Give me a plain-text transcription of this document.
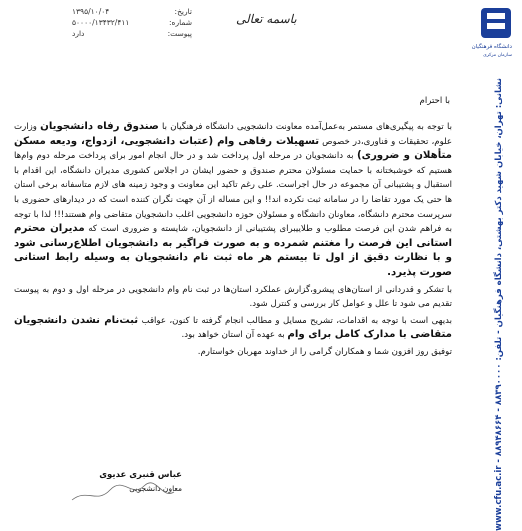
تاریخ:
۱۳۹۵/۱۰/۰۴
شماره:
۵۰۰۰۰/۱۳۴۳۲/۴۱۱
پیوست:
دارد
باسمه تعالی
دانشگاه فرهنگیان
سازمان مرکزی
نشانی: تهران، خیابان شهید دکتر بهشتی، دانشگاه فرهنگیان - تلفن: ۸۸۳۹۰۰۰۰ - ۸۸۹۴۸۶۶۴ - www.cfu.ac.ir
با احترام

با توجه به پیگیری‌های مستمر به‌عمل‌آمده معاونت دانشجویی دانشگاه فرهنگیان با صندوق رفاه دانشجویان وزارت علوم، تحقیقات و فناوری،در خصوص تسهیلات رفاهی وام (عتبات دانشجویی، ازدواج، ودیعه مسکن متأهلان و ضروری) به دانشجویان در مرحله اول پرداخت شد و در حال انجام امور برای پرداخت مرحله دوم وام‌ها هستیم که خوشبختانه با حمایت مسئولان محترم صندوق و حضور ایشان در اجلاس کشوری مدیران دانشگاه، این اقدام با استقبال و پشتیبانی آن مجموعه در حال اجراست. علی رغم تاکید این معاونت و وجود زمینه های لازم متاسفانه برخی استان ها حتی یک مورد تقاضا را در سامانه ثبت نکرده اند!! و این مساله از آن جهت نگران کننده است که در دیدارهای حضوری با سرپرست محترم دانشگاه، معاونان دانشگاه و مسئولان حوزه دانشجویی اغلب دانشجویان متقاضی وام هستند!!! لذا با توجه به فراهم شدن این فرصت مطلوب و طلاییبرای پشتیبانی از دانشجویان، شایسته و ضروری است که مدیران محترم استانی این فرصت را مغتنم شمرده و به صورت فراگیر به دانشجویان اطلاع‌رسانی شود و با نظارت دقیق از اول تا بیستم هر ماه ثبت نام دانشجویان به وسیله رابط استانی صورت پذیرد.

با تشکر و قدردانی از استان‌های پیشرو،گزارش عملکرد استان‌ها در ثبت نام وام دانشجویی در مرحله اول و دوم به پیوست تقدیم می شود تا علل و عوامل کار بررسی و کنترل شود.

بدیهی است با توجه به اقدامات، تشریح مسایل و مطالب انجام گرفته تا کنون، عواقب ثبت‌نام نشدن دانشجویان متقاضی با مدارک کامل برای وام به عهده آن استان خواهد بود.

توفیق روز افزون شما و همکاران گرامی را از خداوند مهربان خواستارم.

عباس قنبری عدیوی
معاون دانشجویی
